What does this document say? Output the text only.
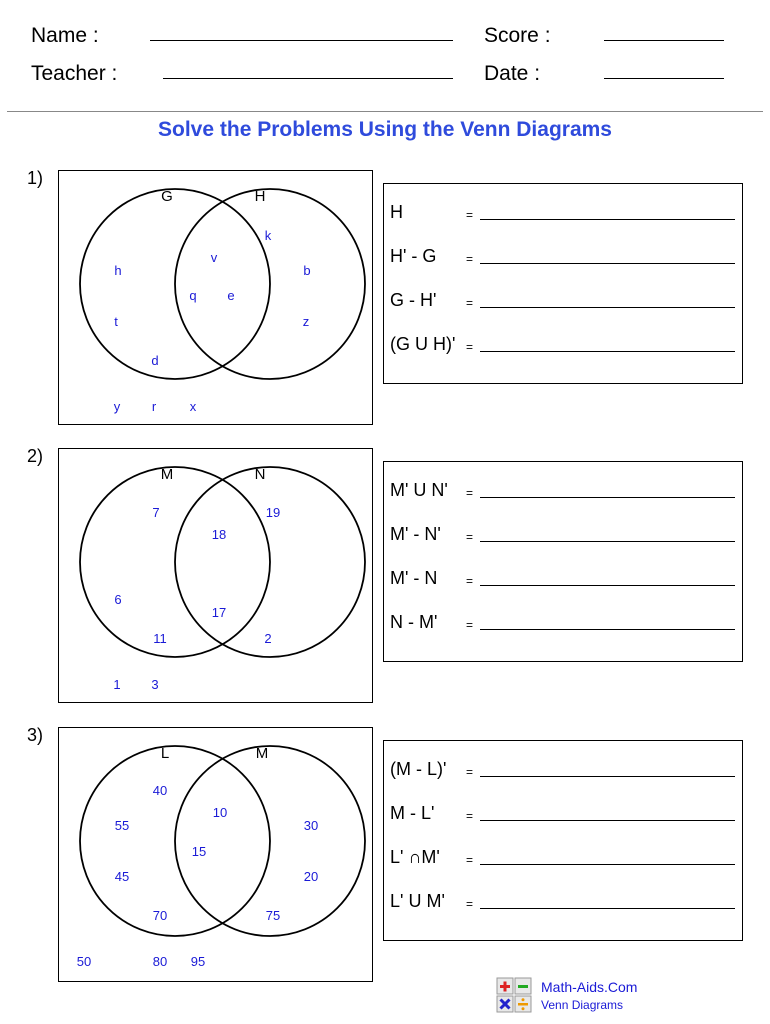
Name :	Score :
Teacher :	Date :
Solve the Problems Using the Venn Diagrams
1)
G	H
h
t
d
v
q e
k
b
z
y r	x
H	=
H' - G =
G - H' =
(G U H)' =
2)
M	N
7
6
11
18
17
19
2
1 3
M' U N' =
M' - N' =
M' - N =
N - M' =
3)
L	M
40
55
45
70
10
15
30
20
75
50	80 95
(M - L)' =
M - L'	=
L' ∩M' =
L' U M' =
Math-Aids.Com
Venn Diagrams
